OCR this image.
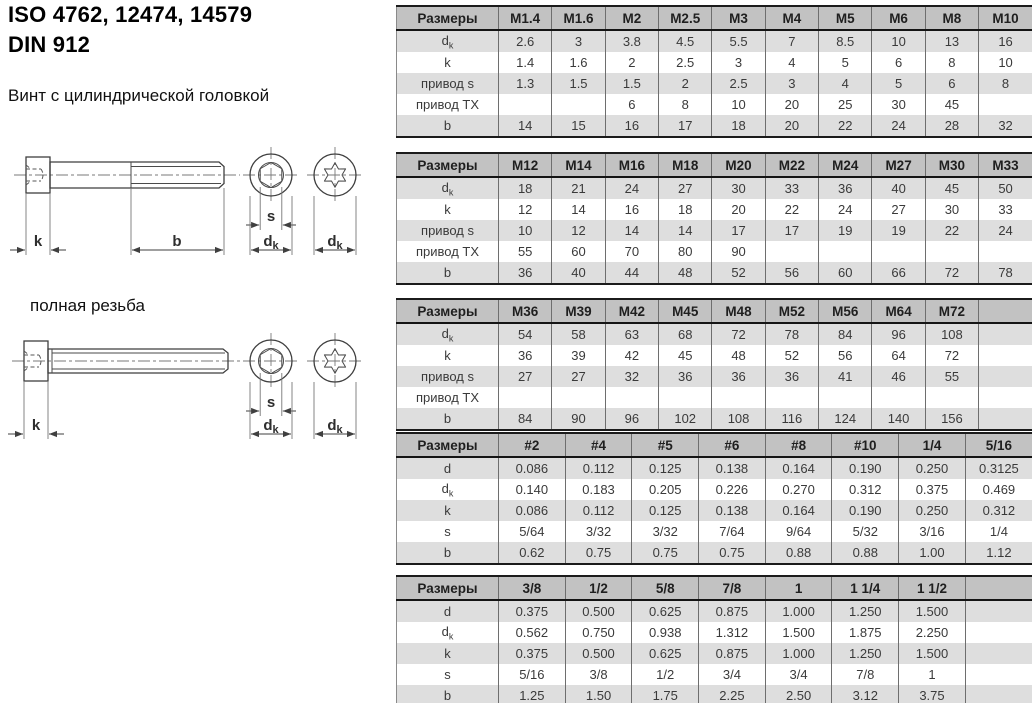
ISO 4762, 12474, 14579
DIN 912
Винт с цилиндрической головкой
k	b
s
$d_k$	$d_k$
полная резьба
k
s
$d_k$	$d_k$
Размеры	M1.4	M1.6	M2	M2.5	M3	M4	M5	M6	M8	M10
$d_k$	2.6	3	3.8	4.5	5.5	7	8.5	10	13	16
k	1.4	1.6	2	2.5	3	4	5	6	8	10
привод s	1.3	1.5	1.5	2	2.5	3	4	5	6	8
привод TX			6	8	10	20	25	30	45	
b	14	15	16	17	18	20	22	24	28	32
Размеры	M12	M14	M16	M18	M20	M22	M24	M27	M30	M33
$d_k$	18	21	24	27	30	33	36	40	45	50
k	12	14	16	18	20	22	24	27	30	33
привод s	10	12	14	14	17	17	19	19	22	24
привод TX	55	60	70	80	90					
b	36	40	44	48	52	56	60	66	72	78
Размеры	M36	M39	M42	M45	M48	M52	M56	M64	M72	
$d_k$	54	58	63	68	72	78	84	96	108	
k	36	39	42	45	48	52	56	64	72	
привод s	27	27	32	36	36	36	41	46	55	
привод TX										
b	84	90	96	102	108	116	124	140	156	
Размеры	#2	#4	#5	#6	#8	#10	1/4	5/16
d	0.086	0.112	0.125	0.138	0.164	0.190	0.250	0.3125
$d_k$	0.140	0.183	0.205	0.226	0.270	0.312	0.375	0.469
k	0.086	0.112	0.125	0.138	0.164	0.190	0.250	0.312
s	5/64	3/32	3/32	7/64	9/64	5/32	3/16	1/4
b	0.62	0.75	0.75	0.75	0.88	0.88	1.00	1.12
Размеры	3/8	1/2	5/8	7/8	1	1 1/4	1 1/2	
d	0.375	0.500	0.625	0.875	1.000	1.250	1.500	
$d_k$	0.562	0.750	0.938	1.312	1.500	1.875	2.250	
k	0.375	0.500	0.625	0.875	1.000	1.250	1.500	
s	5/16	3/8	1/2	3/4	3/4	7/8	1	
b	1.25	1.50	1.75	2.25	2.50	3.12	3.75	
